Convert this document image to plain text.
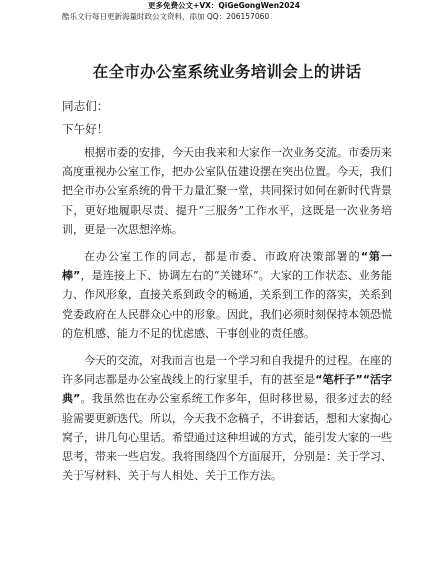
更多免费公文+VX：QiGeGongWen2024
酷乐文行每日更新海量时政公文资料，添加 QQ：206157060
在全市办公室系统业务培训会上的讲话
同志们：
下午好！

根据市委的安排，今天由我来和大家作一次业务交流。市委历来高度重视办公室工作，把办公室队伍建设摆在突出位置。今天，我们把全市办公室系统的骨干力量汇聚一堂，共同探讨如何在新时代背景下，更好地履职尽责、提升“三服务”工作水平，这既是一次业务培训，更是一次思想淬炼。

在办公室工作的同志，都是市委、市政府决策部署的“第一棒”，是连接上下、协调左右的“关键环”。大家的工作状态、业务能力、作风形象，直接关系到政令的畅通，关系到工作的落实，关系到党委政府在人民群众心中的形象。因此，我们必须时刻保持本领恐慌的危机感、能力不足的忧虑感、干事创业的责任感。

今天的交流，对我而言也是一个学习和自我提升的过程。在座的许多同志都是办公室战线上的行家里手，有的甚至是“笔杆子”“活字典”。我虽然也在办公室系统工作多年，但时移世易，很多过去的经验需要更新迭代。所以，今天我不念稿子，不讲套话，想和大家掏心窝子，讲几句心里话。希望通过这种坦诚的方式，能引发大家的一些思考，带来一些启发。我将围绕四个方面展开，分别是：关于学习、关于写材料、关于与人相处、关于工作方法。
